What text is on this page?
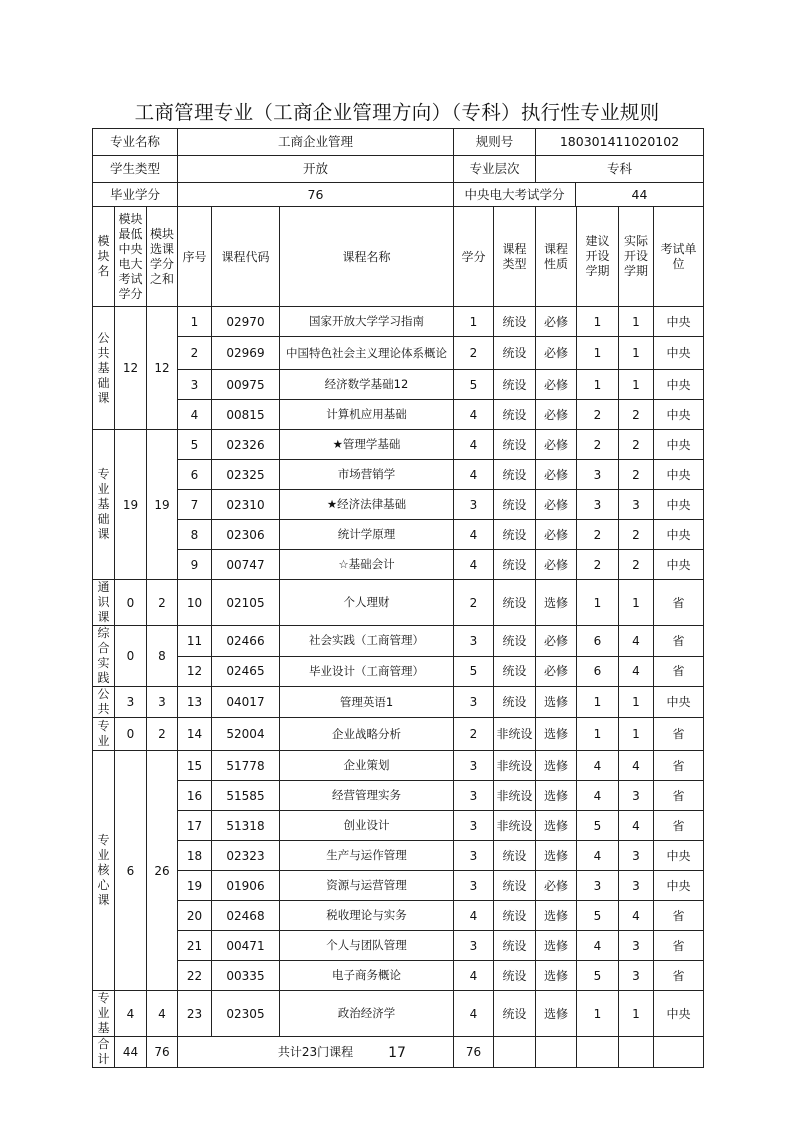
工商管理专业（工商企业管理方向）（专科）执行性专业规则
专业名称	工商企业管理	规则号	180301411020102	
学生类型	开放	专业层次	专科	
毕业学分	76	中央电大考试学分		44
模块名	模块最低中央电大考试学分	模块选课学分之和	序号	课程代码	课程名称	学分	课程类型	课程性质	建议开设学期	实际开设学期	考试单位

公共基础课	12	12	1	02970	国家开放大学学习指南	1	统设	必修	1	1	中央
			2	02969	中国特色社会主义理论体系概论	2	统设	必修	1	1	中央
			3	00975	经济数学基础12	5	统设	必修	1	1	中央
			4	00815	计算机应用基础	4	统设	必修	2	2	中央

专业基础课	19	19	5	02326	★管理学基础	4	统设	必修	2	2	中央
			6	02325	市场营销学	4	统设	必修	3	2	中央
			7	02310	★经济法律基础	3	统设	必修	3	3	中央
			8	02306	统计学原理	4	统设	必修	2	2	中央
			9	00747	☆基础会计	4	统设	必修	2	2	中央

通识课	0	2	10	02105	个人理财	2	统设	选修	1	1	省

综合实践	0	8	11	02466	社会实践（工商管理）	3	统设	必修	6	4	省
			12	02465	毕业设计（工商管理）	5	统设	必修	6	4	省

公共	3	3	13	04017	管理英语1	3	统设	选修	1	1	中央

专业	0	2	14	52004	企业战略分析	2	非统设	选修	1	1	省

专业核心课	6	26	15	51778	企业策划	3	非统设	选修	4	4	省
			16	51585	经营管理实务	3	非统设	选修	4	3	省
			17	51318	创业设计	3	非统设	选修	5	4	省
			18	02323	生产与运作管理	3	统设	选修	4	3	中央
			19	01906	资源与运营管理	3	统设	必修	3	3	中央
			20	02468	税收理论与实务	4	统设	选修	5	4	省
			21	00471	个人与团队管理	3	统设	选修	4	3	省
			22	00335	电子商务概论	4	统设	选修	5	3	省

专业基	4	4	23	02305	政治经济学	4	统设	选修	1	1	中央

合计	44	76	共计23门课程			76					
17
